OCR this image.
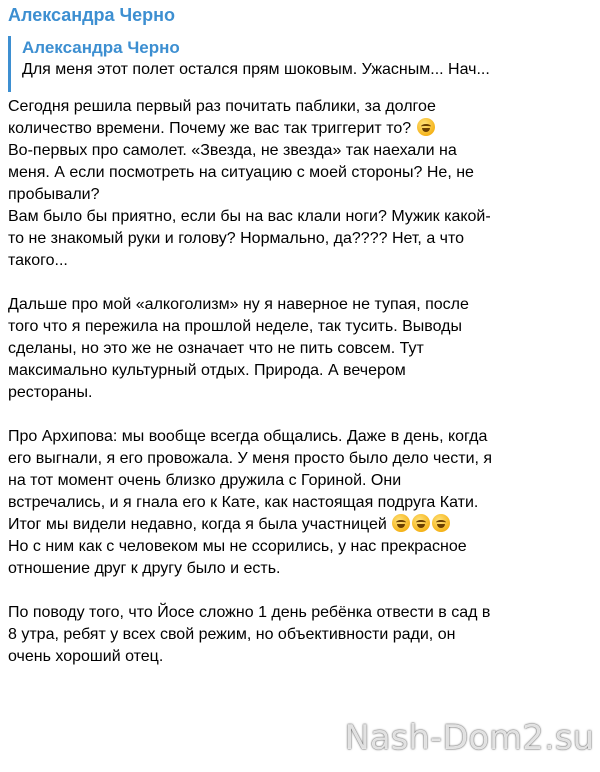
Александра Черно
Александра Черно
Для меня этот полет остался прям шоковым. Ужасным... Нач...

Сегодня решила первый раз почитать паблики, за долгое
количество времени. Почему же вас так триггерит то?
Во-первых про самолет. «Звезда, не звезда» так наехали на
меня. А если посмотреть на ситуацию с моей стороны? Не, не
пробывали?
Вам было бы приятно, если бы на вас клали ноги? Мужик какой-
то не знакомый руки и голову? Нормально, да???? Нет, а что
такого...

Дальше про мой «алкоголизм» ну я наверное не тупая, после
того что я пережила на прошлой неделе, так тусить. Выводы
сделаны, но это же не означает что не пить совсем. Тут
максимально культурный отдых. Природа. А вечером
рестораны.

Про Архипова: мы вообще всегда общались. Даже в день, когда
его выгнали, я его провожала. У меня просто было дело чести, я
на тот момент очень близко дружила с Гориной. Они
встречались, и я гнала его к Кате, как настоящая подруга Кати.
Итог мы видели недавно, когда я была участницей
Но с ним как с человеком мы не ссорились, у нас прекрасное
отношение друг к другу было и есть.

По поводу того, что Йосе сложно 1 день ребёнка отвести в сад в
8 утра, ребят у всех свой режим, но объективности ради, он
очень хороший отец.

Nash-Dom2.su
